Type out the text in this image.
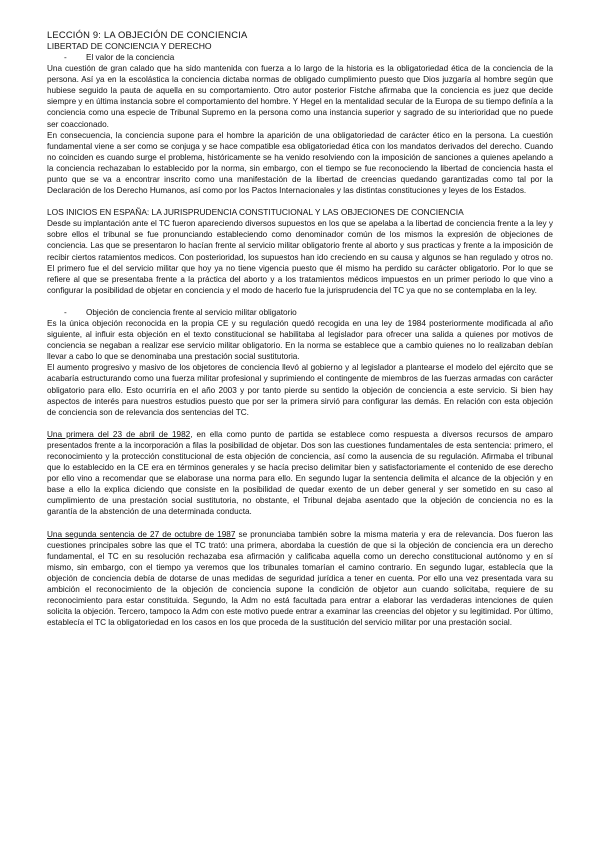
LECCIÓN 9: LA OBJECIÓN DE CONCIENCIA
LIBERTAD DE CONCIENCIA Y DERECHO
- El valor de la conciencia

Una cuestión de gran calado que ha sido mantenida con fuerza a lo largo de la historia es la obligatoriedad ética de la conciencia de la persona. Así ya en la escolástica la conciencia dictaba normas de obligado cumplimiento puesto que Dios juzgaría al hombre según que hubiese seguido la pauta de aquella en su comportamiento. Otro autor posterior Fistche afirmaba que la conciencia es juez que decide siempre y en última instancia sobre el comportamiento del hombre. Y Hegel en la mentalidad secular de la Europa de su tiempo definía a la conciencia como una especie de Tribunal Supremo en la persona como una instancia superior y sagrado de su interioridad que no puede ser coaccionado.

En consecuencia, la conciencia supone para el hombre la aparición de una obligatoriedad de carácter ético en la persona. La cuestión fundamental viene a ser como se conjuga y se hace compatible esa obligatoriedad ética con los mandatos derivados del derecho. Cuando no coinciden es cuando surge el problema, históricamente se ha venido resolviendo con la imposición de sanciones a quienes apelando a la conciencia rechazaban lo establecido por la norma, sin embargo, con el tiempo se fue reconociendo la libertad de conciencia hasta el punto que se va a encontrar inscrito como una manifestación de la libertad de creencias quedando garantizadas como tal por la Declaración de los Derecho Humanos, así como por los Pactos Internacionales y las distintas constituciones y leyes de los Estados.

LOS INICIOS EN ESPAÑA: LA JURISPRUDENCIA CONSTITUCIONAL Y LAS OBJECIONES DE CONCIENCIA

Desde su implantación ante el TC fueron apareciendo diversos supuestos en los que se apelaba a la libertad de conciencia frente a la ley y sobre ellos el tribunal se fue pronunciando estableciendo como denominador común de los mismos la expresión de objeciones de conciencia. Las que se presentaron lo hacían frente al servicio militar obligatorio frente al aborto y sus practicas y frente a la imposición de recibir ciertos ratamientos medicos. Con posterioridad, los supuestos han ido creciendo en su causa y algunos se han regulado y otros no. El primero fue el del servicio militar que hoy ya no tiene vigencia puesto que él mismo ha perdido su carácter obligatorio. Por lo que se refiere al que se presentaba frente a la práctica del aborto y a los tratamientos médicos impuestos en un primer periodo lo que vino a configurar la posibilidad de objetar en conciencia y el modo de hacerlo fue la jurisprudencia del TC ya que no se contemplaba en la ley.

- Objeción de conciencia frente al servicio militar obligatorio

Es la única objeción reconocida en la propia CE y su regulación quedó recogida en una ley de 1984 posteriormente modificada al año siguiente, al influir esta objeción en el texto constitucional se habilitaba al legislador para ofrecer una salida a quienes por motivos de conciencia se negaban a realizar ese servicio militar obligatorio. En la norma se establece que a cambio quienes no lo realizaban debían llevar a cabo lo que se denominaba una prestación social sustitutoria.

El aumento progresivo y masivo de los objetores de conciencia llevó al gobierno y al legislador a plantearse el modelo del ejército que se acabaría estructurando como una fuerza militar profesional y suprimiendo el contingente de miembros de las fuerzas armadas con carácter obligatorio para ello. Esto ocurriría en el año 2003 y por tanto pierde su sentido la objeción de conciencia a este servicio. Si bien hay aspectos de interés para nuestros estudios puesto que por ser la primera sirvió para configurar las demás. En relación con esta objeción de conciencia son de relevancia dos sentencias del TC.

Una primera del 23 de abril de 1982, en ella como punto de partida se establece como respuesta a diversos recursos de amparo presentados frente a la incorporación a filas la posibilidad de objetar. Dos son las cuestiones fundamentales de esta sentencia: primero, el reconocimiento y la protección constitucional de esta objeción de conciencia, así como la ausencia de su regulación. Afirmaba el tribunal que lo establecido en la CE era en términos generales y se hacía preciso delimitar bien y satisfactoriamente el contenido de ese derecho por ello vino a recomendar que se elaborase una norma para ello. En segundo lugar la sentencia delimita el alcance de la objeción y en base a ello la explica diciendo que consiste en la posibilidad de quedar exento de un deber general y ser sometido en su caso al cumplimiento de una prestación social sustitutoria, no obstante, el Tribunal dejaba asentado que la objeción de conciencia no es la garantía de la abstención de una determinada conducta.

Una segunda sentencia de 27 de octubre de 1987 se pronunciaba también sobre la misma materia y era de relevancia. Dos fueron las cuestiones principales sobre las que el TC trató: una primera, abordaba la cuestión de que si la objeción de conciencia era un derecho fundamental, el TC en su resolución rechazaba esa afirmación y calificaba aquella como un derecho constitucional autónomo y en sí mismo, sin embargo, con el tiempo ya veremos que los tribunales tomarían el camino contrario. En segundo lugar, establecía que la objeción de conciencia debía de dotarse de unas medidas de seguridad jurídica a tener en cuenta. Por ello una vez presentada vara su ambición el reconocimiento de la objeción de conciencia supone la condición de objetor aun cuando solicitaba, requiere de su reconocimiento para estar constituida. Segundo, la Adm no está facultada para entrar a elaborar las verdaderas intenciones de quien solicita la objeción. Tercero, tampoco la Adm con este motivo puede entrar a examinar las creencias del objetor y su legitimidad. Por último, establecía el TC la obligatoriedad en los casos en los que proceda de la sustitución del servicio militar por una prestación social.
